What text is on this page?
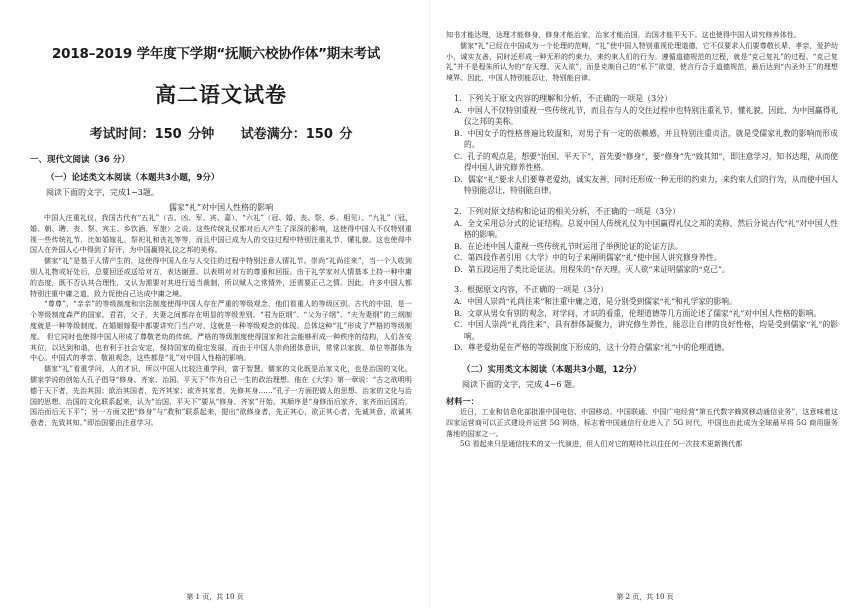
2018–2019 学年度下学期“抚顺六校协作体”期末考试
高二语文试卷
考试时间：150 分钟 试卷满分：150 分
一、现代文阅读（36 分）
（一）论述类文本阅读（本题共3小题，9分）
阅读下面的文字，完成1~3题。
儒家“礼”对中国人性格的影响

中国人注重礼仪，我国古代有“五礼”（吉、凶、军、宾、嘉）、“六礼”（冠、婚、丧、祭、乡、相见）、“九礼”（冠、婚、朝、聘、丧、祭、宾主、乡饮酒、军旅）之说。这些传统礼仪都对后人产生了深深的影响，这使得中国人不仅特别重视一些传统礼节，比如婚嫁礼、祭祀礼和丧礼等等，而且中国已成为人的交往过程中特别注重礼节，懂礼貌。这也使得中国人在外国人心中得到了好评，为中国赢得礼仪之邦的美称。

儒家“礼”是基于人情产生的，这使得中国人在与人交往的过程中特别注意人情礼节。崇尚“礼尚往来”，当一个人收到别人礼物或好处后，总要回还或送给对方，表达谢意。以表明对对方的尊重和回报。由于礼学家对人情基本上持一种中庸的态度，既不否认其合理性，又认为需要对其进行适当裁制，所以赋人之常情外，还需要正己之情。因此，许多中国人都特别注重中庸之道，致力促使自己达成中庸之境。

“尊尊”、“亲亲”的等级制度和宗法制度使得中国人存在严重的等级观念，他们看重人的等级区别。古代的中国，是一个等级制度森严的国家。君君，父子，夫妻之间都存在明显的等级差别。“君为臣纲”、“父为子纲”、“夫为妻纲”的三纲制度就是一种等级制度。在婚姻嫁娶中都要讲究门当户对，这就是一种等级观念的体现。总体这种“礼”形成了严格的等级制度。 但它同时也使得中国人形成了尊敬老幼的传统。严格的等级制度使得国家和社会能够形成一种秩序的结构，人们各安其位，以达到和谐，也有利于社会安定，保持国家的稳定发展，而由于中国人崇尚团体意识，常常以家族、单位等群体为中心。中国式的孝亲、敬祖观念，这些都是“礼”对中国人性格的影响。

儒家“礼”看重学问，人的才识，所以中国人比较注重学问，富于智慧。儒家的文化既是治家文化，也是治国的文化。儒家学说的创始人孔子倡导“修身、齐家、治国、平天下”作为自己一生的政治理想。他在《大学》第一章说：“古之欲明明德于天下者，先治其国；欲治其国者，先齐其家；欲齐其家者，先修其身……”孔子一方面把做人的思想、治家的文化与治国的思想、治国的文化联系起来，认为“治国、平天下”要从“修身、齐家”开始。其顺序是“身修而后家齐，家齐而后国治，国治而后天下平”；另一方面又把“修身”与“救和”联系起来，提出“欲修身者，先正其心，欲正其心者，先诚其意，欲诚其意者，先致其知。”即治国要由注意学习。

第 1 页，共 10 页

知书才能达理，达理才能修身，修身才能治家，治家才能治国，治国才能平天下。这也使得中国人讲究修养体性。

儒家“礼”已经在中国成为一个伦理的范畴，“礼”使中国人特别重视伦理道德，它不仅要求人们要尊敬长辈，孝亲，爱护幼小，诚实友善，同时还形成一种无形的约束力，来约束人们的行为。遵循道德规范的过程，就是“克己复礼”的过程。“克己复礼”并不是程朱所认为的“存天理、灭人欲”，而是克制自己的“私下”欲望，使言行合于道德规范，最后达到“内圣外王”的理想境界。因此，中国人特别能忍让，特别能自律。

1．下列关于原文内容的理解和分析，不正确的一项是（3分）
A．中国人不仅特别重视一些传统礼节，而且在与人的交往过程中也特别注重礼节，懂礼貌，因此，为中国赢得礼仪之邦的美称。
B．中国女子的性格普遍比较温和，对男子有一定的依赖感，并且特别注重贞洁，就是受儒家礼教的影响而形成的。
C．孔子的观点是，想要“治国、平天下”，首先要“修身”，要“修身”先“致其知”，即注意学习，知书达理，从而使得中国人讲究修养性格。
D．儒家“礼”要求人们要尊老爱幼，诚实友善，同时还形成一种无形的约束力，来约束人们的行为，从而使中国人特别能忍让，特别能自律。
2．下列对原文结构和论证的相关分析，不正确的一项是（3分）
A．全文采用总分式的论证结构。总说中国人传统礼仪为中国赢得礼仪之邦的美称，然后分说古代“礼”对中国人性格的影响。
B．在论述中国人重视一些传统礼节时运用了举例论证的论证方法。
C．第四段作者引用《大学》中的句子来阐明儒家“礼”使中国人讲究修身养性。
D．第五段运用了类比论证法。用程朱的“存天理，灭人欲”来证明儒家的“克己”。
3．根据原文内容，不正确的一项是（3分）
A．中国人崇尚“礼尚往来”和注重中庸之道，是分别受到儒家“礼”和礼学家的影响。
B．文章从男女有别的观念，对学问，才识的看重，伦理道德等几方面论述了儒家“礼”对中国人性格的影响。
C．中国人崇尚“礼尚往来”，具有群体凝聚力，讲究修生养性，能忍让自律的良好性格，均是受到儒家“礼”的影响。
D．尊老爱幼是在严格的等级制度下形成的，这十分符合儒家“礼”中的伦理道德。
（二）实用类文本阅读（本题共3小题，12分）
阅读下面的文字，完成 4~6 题。
材料一：

近日，工业和信息化部批准中国电信、中国移动、中国联通、中国广电经营“第五代数字蜂窝移动通信业务”，这意味着这四家运营商可以正式建设并运营 5G 网络，标志着中国通信行业进入了 5G 时代，中国也由此成为全球最早将 5G 商用服务落地的国家之一。

5G 看起来只是通信技术的又一代演进，但人们对它的期待比以往任何一次技术更新换代都

第 2 页，共 10 页
